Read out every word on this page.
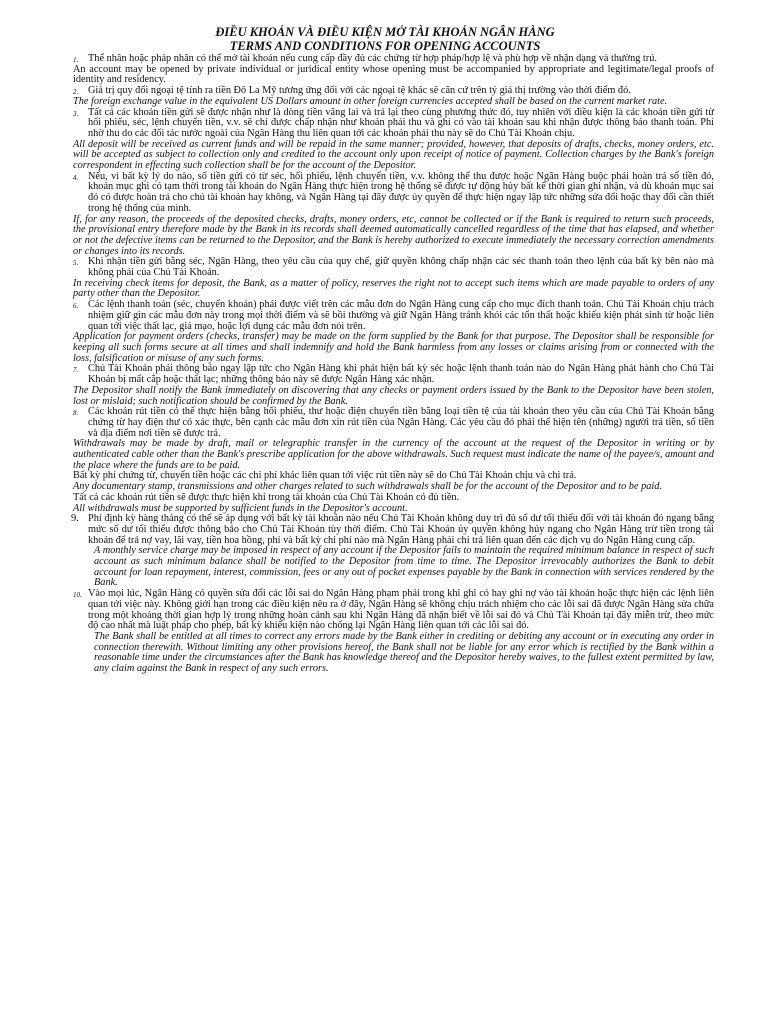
ĐIỀU KHOẢN VÀ ĐIỀU KIỆN MỞ TÀI KHOẢN NGÂN HÀNG
TERMS AND CONDITIONS FOR OPENING ACCOUNTS
1. Thể nhân hoặc pháp nhân có thể mở tài khoản nếu cung cấp đầy đủ các chứng từ hợp pháp/hợp lệ và phù hợp về nhận dạng và thường trú.
An account may be opened by private individual or juridical entity whose opening must be accompanied by appropriate and legitimate/legal proofs of identity and residency.
2. Giá trị quy đổi ngoại tệ tính ra tiền Đô La Mỹ tương ứng đối với các ngoại tệ khác sẽ căn cứ trên tỷ giá thị trường vào thời điểm đó.
The foreign exchange value in the equivalent US Dollars amount in other foreign currencies accepted shall be based on the current market rate.
3. Tất cả các khoản tiền gửi sẽ được nhận như là dòng tiền vãng lai và trả lại theo cùng phương thức đó, tuy nhiên với điều kiện là các khoản tiền gửi từ hối phiếu, séc, lệnh chuyển tiền, v.v. sẽ chỉ được chấp nhận như khoản phải thu và ghi có vào tài khoản sau khi nhận được thông báo thanh toán. Phí nhờ thu do các đối tác nước ngoài của Ngân Hàng thu liên quan tới các khoản phải thu này sẽ do Chủ Tài Khoản chịu.
All deposit will be received as current funds and will be repaid in the same manner; provided, however, that deposits of drafts, checks, money orders, etc. will be accepted as subject to collection only and credited to the account only upon receipt of notice of payment. Collection charges by the Bank's foreign correspondent in effecting such collection shall be for the account of the Depositor.
4. Nếu, vì bất kỳ lý do nào, số tiền gửi có từ séc, hối phiếu, lệnh chuyển tiền, v.v. không thể thu được hoặc Ngân Hàng buộc phải hoàn trả số tiền đó, khoản mục ghi có tạm thời trong tài khoản do Ngân Hàng thực hiện trong hệ thống sẽ được tự động hủy bất kể thời gian ghi nhận, và dù khoản mục sai đó có được hoàn trả cho chủ tài khoản hay không, và Ngân Hàng tại đây được ủy quyền để thực hiện ngay lập tức những sửa đổi hoặc thay đổi cần thiết trong hệ thống của mình.
If, for any reason, the proceeds of the deposited checks, drafts, money orders, etc, cannot be collected or if the Bank is required to return such proceeds, the provisional entry therefore made by the Bank in its records shall deemed automatically cancelled regardless of the time that has elapsed, and whether or not the defective items can be returned to the Depositor, and the Bank is hereby authorized to execute immediately the necessary correction amendments or changes into its records.
5. Khi nhận tiền gửi bằng séc, Ngân Hàng, theo yêu cầu của quy chế, giữ quyền không chấp nhận các séc thanh toán theo lệnh của bất kỳ bên nào mà không phải của Chủ Tài Khoản.
In receiving check items for deposit, the Bank, as a matter of policy, reserves the right not to accept such items which are made payable to orders of any party other than the Depositor.
6. Các lệnh thanh toán (séc, chuyển khoản) phải được viết trên các mẫu đơn do Ngân Hàng cung cấp cho mục đích thanh toán. Chủ Tài Khoản chịu trách nhiệm giữ gìn các mẫu đơn này trong mọi thời điểm và sẽ bồi thường và giữ Ngân Hàng tránh khỏi các tổn thất hoặc khiếu kiện phát sinh từ hoặc liên quan tới việc thất lạc, giả mạo, hoặc lợi dụng các mẫu đơn nói trên.
Application for payment orders (checks, transfer) may be made on the form supplied by the Bank for that purpose. The Depositor shall be responsible for keeping all such forms secure at all times and shall indemnify and hold the Bank harmless from any losses or claims arising from or connected with the loss, falsification or misuse of any such forms.
7. Chủ Tài Khoản phải thông báo ngay lập tức cho Ngân Hàng khi phát hiện bất kỳ séc hoặc lệnh thanh toán nào do Ngân Hàng phát hành cho Chủ Tài Khoản bị mất cắp hoặc thất lạc; những thông báo này sẽ được Ngân Hàng xác nhận.
The Depositor shall notify the Bank immediately on discovering that any checks or payment orders issued by the Bank to the Depositor have been stolen, lost or mislaid; such notification should be confirmed by the Bank.
8. Các khoản rút tiền có thể thực hiện bằng hối phiếu, thư hoặc điện chuyển tiền bằng loại tiền tệ của tài khoản theo yêu cầu của Chủ Tài Khoản bằng chứng từ hay điện thư có xác thực, bên cạnh các mẫu đơn xin rút tiền của Ngân Hàng. Các yêu cầu đó phải thể hiện tên (những) người trả tiền, số tiền và địa điểm nơi tiền sẽ được trả.
Withdrawals may be made by draft, mail or telegraphic transfer in the currency of the account at the request of the Depositor in writing or by authenticated cable other than the Bank's prescribe application for the above withdrawals. Such request must indicate the name of the payee/s, amount and the place where the funds are to be paid.
Bất kỳ phí chứng từ, chuyển tiền hoặc các chi phí khác liên quan tới việc rút tiền này sẽ do Chủ Tài Khoản chịu và chi trả.
Any documentary stamp, transmissions and other charges related to such withdrawals shall be for the account of the Depositor and to be paid.
Tất cả các khoản rút tiền sẽ được thực hiện khi trong tài khoản của Chủ Tài Khoản có đủ tiền.
All withdrawals must be supported by sufficient funds in the Depositor's account.
9. Phí định kỳ hàng tháng có thể sẽ áp dụng với bất kỳ tài khoản nào nếu Chủ Tài Khoản không duy trì đủ số dư tối thiểu đối với tài khoản đó ngang bằng mức số dư tối thiểu được thông báo cho Chủ Tài Khoản tùy thời điểm. Chủ Tài Khoản ủy quyền không hủy ngang cho Ngân Hàng trừ tiền trong tài khoản để trả nợ vay, lãi vay, tiền hoa hồng, phí và bất kỳ chi phí nào mà Ngân Hàng phải chi trả liên quan đến các dịch vụ do Ngân Hàng cung cấp.
A monthly service charge may be imposed in respect of any account if the Depositor fails to maintain the required minimum balance in respect of such account as such minimum balance shall be notified to the Depositor from time to time. The Depositor irrevocably authorizes the Bank to debit account for loan repayment, interest, commission, fees or any out of pocket expenses payable by the Bank in connection with services rendered by the Bank.
10. Vào mọi lúc, Ngân Hàng có quyền sửa đổi các lỗi sai do Ngân Hàng phạm phải trong khi ghi có hay ghi nợ vào tài khoản hoặc thực hiện các lệnh liên quan tới việc này. Không giới hạn trong các điều kiện nêu ra ở đây, Ngân Hàng sẽ không chịu trách nhiệm cho các lỗi sai đã được Ngân Hàng sửa chữa trong một khoảng thời gian hợp lý trong những hoàn cảnh sau khi Ngân Hàng đã nhận biết về lỗi sai đó và Chủ Tài Khoản tại đây miễn trừ, theo mức độ cao nhất mà luật pháp cho phép, bất kỳ khiếu kiện nào chống lại Ngân Hàng liên quan tới các lỗi sai đó.
The Bank shall be entitled at all times to correct any errors made by the Bank either in crediting or debiting any account or in executing any order in connection therewith. Without limiting any other provisions hereof, the Bank shall not be liable for any error which is rectified by the Bank within a reasonable time under the circumstances after the Bank has knowledge thereof and the Depositor hereby waives, to the fullest extent permitted by law, any claim against the Bank in respect of any such errors.
